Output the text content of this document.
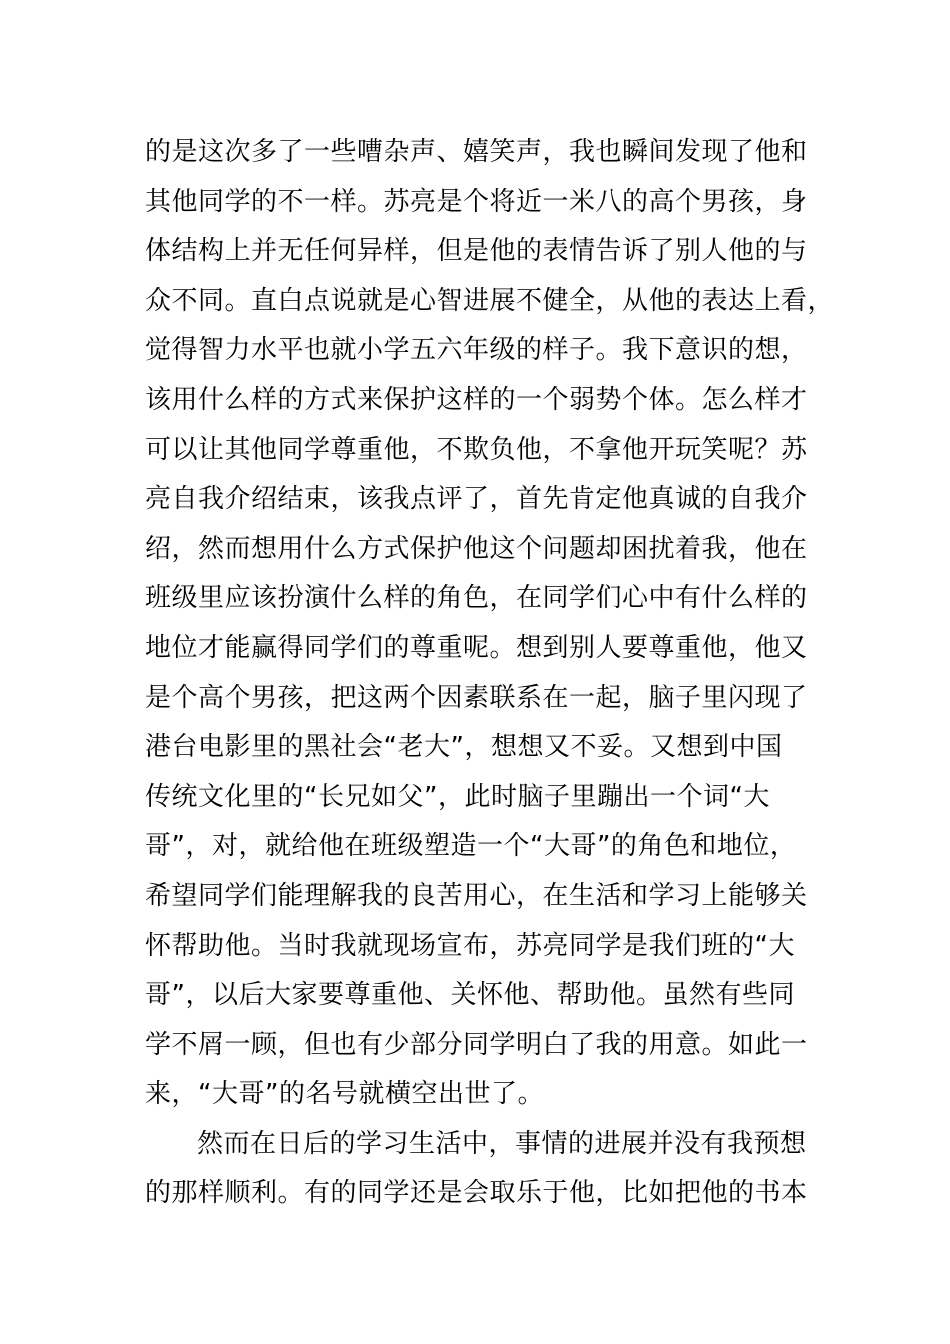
的是这次多了一些嘈杂声、嬉笑声，我也瞬间发现了他和
其他同学的不一样。苏亮是个将近一米八的高个男孩，身
体结构上并无任何异样，但是他的表情告诉了别人他的与
众不同。直白点说就是心智进展不健全，从他的表达上看，
觉得智力水平也就小学五六年级的样子。我下意识的想，
该用什么样的方式来保护这样的一个弱势个体。怎么样才
可以让其他同学尊重他，不欺负他，不拿他开玩笑呢？苏
亮自我介绍结束，该我点评了，首先肯定他真诚的自我介
绍，然而想用什么方式保护他这个问题却困扰着我，他在
班级里应该扮演什么样的角色，在同学们心中有什么样的
地位才能赢得同学们的尊重呢。想到别人要尊重他，他又
是个高个男孩，把这两个因素联系在一起，脑子里闪现了
港台电影里的黑社会“老大”，想想又不妥。又想到中国
传统文化里的“长兄如父”，此时脑子里蹦出一个词“大
哥”，对，就给他在班级塑造一个“大哥”的角色和地位，
希望同学们能理解我的良苦用心，在生活和学习上能够关
怀帮助他。当时我就现场宣布，苏亮同学是我们班的“大
哥”，以后大家要尊重他、关怀他、帮助他。虽然有些同
学不屑一顾，但也有少部分同学明白了我的用意。如此一
来，“大哥”的名号就横空出世了。
然而在日后的学习生活中，事情的进展并没有我预想
的那样顺利。有的同学还是会取乐于他，比如把他的书本
